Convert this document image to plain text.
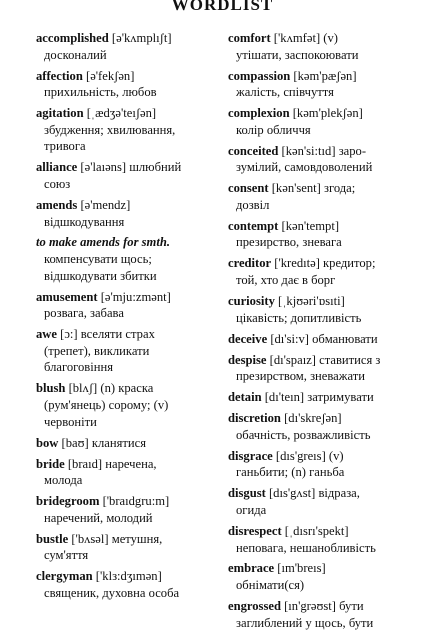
WORDLIST
accomplished [ə'kʌmplıʃt]
досконалий
affection [ə'fekʃən]
прихильність, любов
agitation [ˌædʒə'teıʃən]
збудження; хвилювання,
тривога
alliance [ə'laıəns] шлюбний
союз
amends [ə'mendz]
відшкодування
to make amends for smth.
компенсувати щось;
відшкодувати збитки
amusement [ə'mju:zmənt]
розвага, забава
awe [ɔ:] вселяти страх
(трепет), викликати
благоговіння
blush [blʌʃ] (n) краска
(рум'янець) сорому; (v)
червоніти
bow [baʊ] кланятися
bride [braıd] наречена,
молода
bridegroom ['braıdgru:m]
наречений, молодий
bustle ['bʌsəl] метушня,
сум'яття
clergyman ['klз:dʒımən]
священик, духовна особа
comfort ['kʌmfət] (v)
утішати, заспокоювати
compassion [kəm'pæʃən]
жалість, співчуття
complexion [kəm'plekʃən]
колір обличчя
conceited [kən'si:tıd] зaро-
зумілий, самовдоволений
consent [kən'sent] згода;
дозвіл
contempt [kən'tempt]
презирство, зневага
creditor ['kredıtə] кредитор;
той, хто дає в борг
curiosity [ˌkjʊəri'ɒsıti]
цікавість; допитливість
deceive [dı'si:v] обманювати
despise [dı'spaız] ставитися з
презирством, зневажати
detain [dı'teın] затримувати
discretion [dı'skreʃən]
обачність, розважливість
disgrace [dıs'greıs] (v)
ганьбити; (n) ганьба
disgust [dıs'gʌst] відраза,
огида
disrespect [ˌdısrı'spekt]
неповага, нешанобливість
embrace [ım'breıs]
обнімати(ся)
engrossed [ın'grəʊst] бути
заглиблений у щось, бути
